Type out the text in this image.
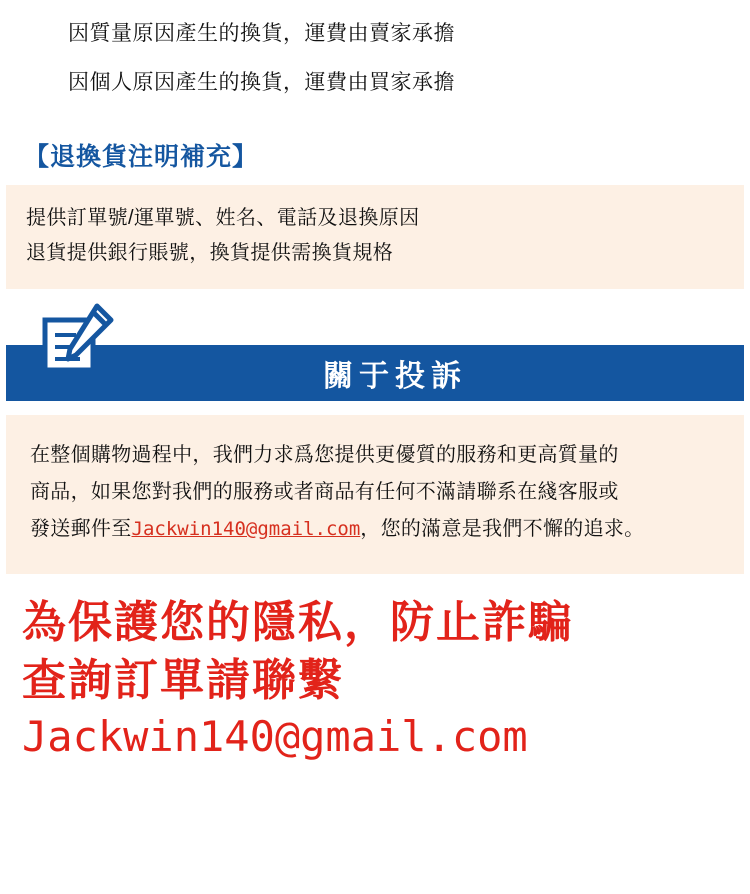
因質量原因產生的換貨，運費由賣家承擔
因個人原因產生的換貨，運費由買家承擔
【退換貨注明補充】
提供訂單號/運單號、姓名、電話及退換原因
退貨提供銀行賬號，換貨提供需換貨規格
關于投訴
在整個購物過程中，我們力求爲您提供更優質的服務和更高質量的
商品，如果您對我們的服務或者商品有任何不滿請聯系在綫客服或
發送郵件至Jackwin140@gmail.com，您的滿意是我們不懈的追求。
為保護您的隱私，防止詐騙
查詢訂單請聯繫
Jackwin140@gmail.com
